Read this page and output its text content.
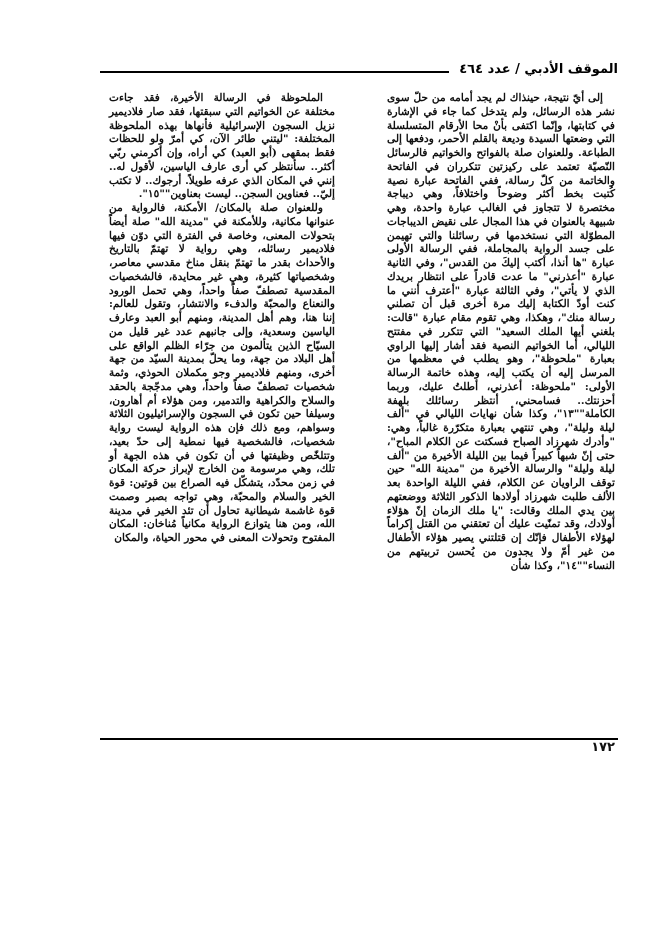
الموقف الأدبي / عدد ٤٦٤

إلى أيّ نتيجة، حينذاك لم يجد أمامه من حلّ سوى نشر هذه الرسائل، ولم يتدخل كما جاء في الإشارة في كتابتها، وإنّما اكتفى بأنْ محا الأرقام المتسلسلة التي وضعتها السيدة وديعة بالقلم الأحمر، ودفعها إلى الطباعة. وللعنوان صلة بالفواتح والخواتيم فالرسائل النّصيّة تعتمد على ركيزتين تتكرران في الفاتحة والخاتمة من كلّ رسالة، ففي الفاتحة عبارة نصية كُتبت بخط أكثر وضوحاً واختلافاً، وهي ديباجة مختصرة لا تتجاوز في الغالب عبارة واحدة، وهي شبيهة بالعنوان في هذا المجال على نقيض الديباجات المطوّلة التي نستخدمها في رسائلنا والتي تهيمن على جسد الرواية بالمجاملة، ففي الرسالة الأولى عبارة "ها أنذا، أكتب إليكَ من القدس"، وفي الثانية عبارة "أعذرني" ما عدت قادراً على انتظار بريدك الذي لا يأتي"، وفي الثالثة عبارة "أعترف أنني ما كنت أودّ الكتابة إليك مرة أخرى قبل أن تصلني رسالة منك"، وهكذا، وهي تقوم مقام عبارة "قالت: بلغني أيها الملك السعيد" التي تتكرر في مفتتح الليالي، أما الخواتيم النصية فقد أشار إليها الراوي بعبارة "ملحوظة"، وهو يطلب في معظمها من المرسل إليه أن يكتب إليه، وهذه خاتمة الرسالة الأولى: "ملحوظة: أعذرني، أطلتُ عليك، وربما أحزنتك.. فسامحني، أنتظر رسائلك بلهفة الكاملة""١٣"، وكذا شأن نهايات الليالي في "ألف ليلة وليلة"، وهي تنتهي بعبارة متكرّرة غالباً، وهي: "وأدرك شهرزاد الصباح فسكتت عن الكلام المباح"، حتى إنّ شبهاً كبيراً فيما بين الليلة الأخيرة من "ألف ليلة وليلة" والرسالة الأخيرة من "مدينة الله" حين توقف الراويان عن الكلام، ففي الليلة الواحدة بعد الألف طلبت شهرزاد أولادها الذكور الثلاثة ووضعتهم بين يدي الملك وقالت: "يا ملك الزمان إنّ هؤلاء أولادك، وقد تمنّيت عليك أن تعتقني من القتل إكراماً لهؤلاء الأطفال فإنّك إن قتلتني يصير هؤلاء الأطفال من غير أمّ ولا يجدون من يُحسن تربيتهم من النساء""١٤"، وكذا شأن

الملحوظة في الرسالة الأخيرة، فقد جاءت مختلفة عن الخواتيم التي سبقتها، فقد صار فلاديمير نزيل السجون الإسرائيلية فأنهاها بهذه الملحوظة المختلفة: "ليتني طائر الآن، كي أمرّ ولو للحظات فقط بمقهى (أبو العبد) كي أراه، وإن أكرمني ربّي أكثر.. سأنتظر كي أرى عارف الياسين، لأقول له.. إنني في المكان الذي عرفه طويلاً. أرجوك.. لا تكتب إليّ.. فعناوين السجن.. ليست بعناوين""١٥".

وللعنوان صلة بالمكان/ الأمكنة، فالرواية من عنوانها مكانية، وللأمكنة في "مدينة الله" صلة أيضاً بتحولات المعنى، وخاصة في الفترة التي دوّن فيها فلاديمير رسائله، وهي رواية لا تهتمّ بالتاريخ والأحداث بقدر ما تهتمّ بنقل مناخ مقدسي معاصر، وشخصياتها كثيرة، وهي غير محايدة، فالشخصيات المقدسية تصطفّ صفاً واحداً، وهي تحمل الورود والنعناع والمحبّة والدفء والانتشار، وتقول للعالم: إننا هنا، وهم أهل المدينة، ومنهم أبو العبد وعارف الياسين وسعدية، وإلى جانبهم عدد غير قليل من السيّاح الذين يتألمون من جرّاء الظلم الواقع على أهل البلاد من جهة، وما يحلّ بمدينة السيّد من جهة أخرى، ومنهم فلاديمير وجو مكملان الحوذي، وثمة شخصيات تصطفّ صفاً واحداً، وهي مدجّجة بالحقد والسلاح والكراهية والتدمير، ومن هؤلاء أم أهارون، وسيلفا حين تكون في السجون والإسرائيليون الثلاثة وسواهم، ومع ذلك فإن هذه الرواية ليست رواية شخصيات، فالشخصية فيها نمطية إلى حدّ بعيد، وتتلخّص وظيفتها في أن تكون في هذه الجهة أو تلك، وهي مرسومة من الخارج لإبراز حركة المكان في زمن محدّد، يتشكّل فيه الصراع بين قوتين: قوة الخير والسلام والمحبّة، وهي تواجه بصبر وصمت قوة غاشمة شيطانية تحاول أن تئد الخير في مدينة الله، ومن هنا يتوازع الرواية مكانياً مُناخان: المكان المفتوح وتحولات المعنى في محور الحياة، والمكان

١٧٢
